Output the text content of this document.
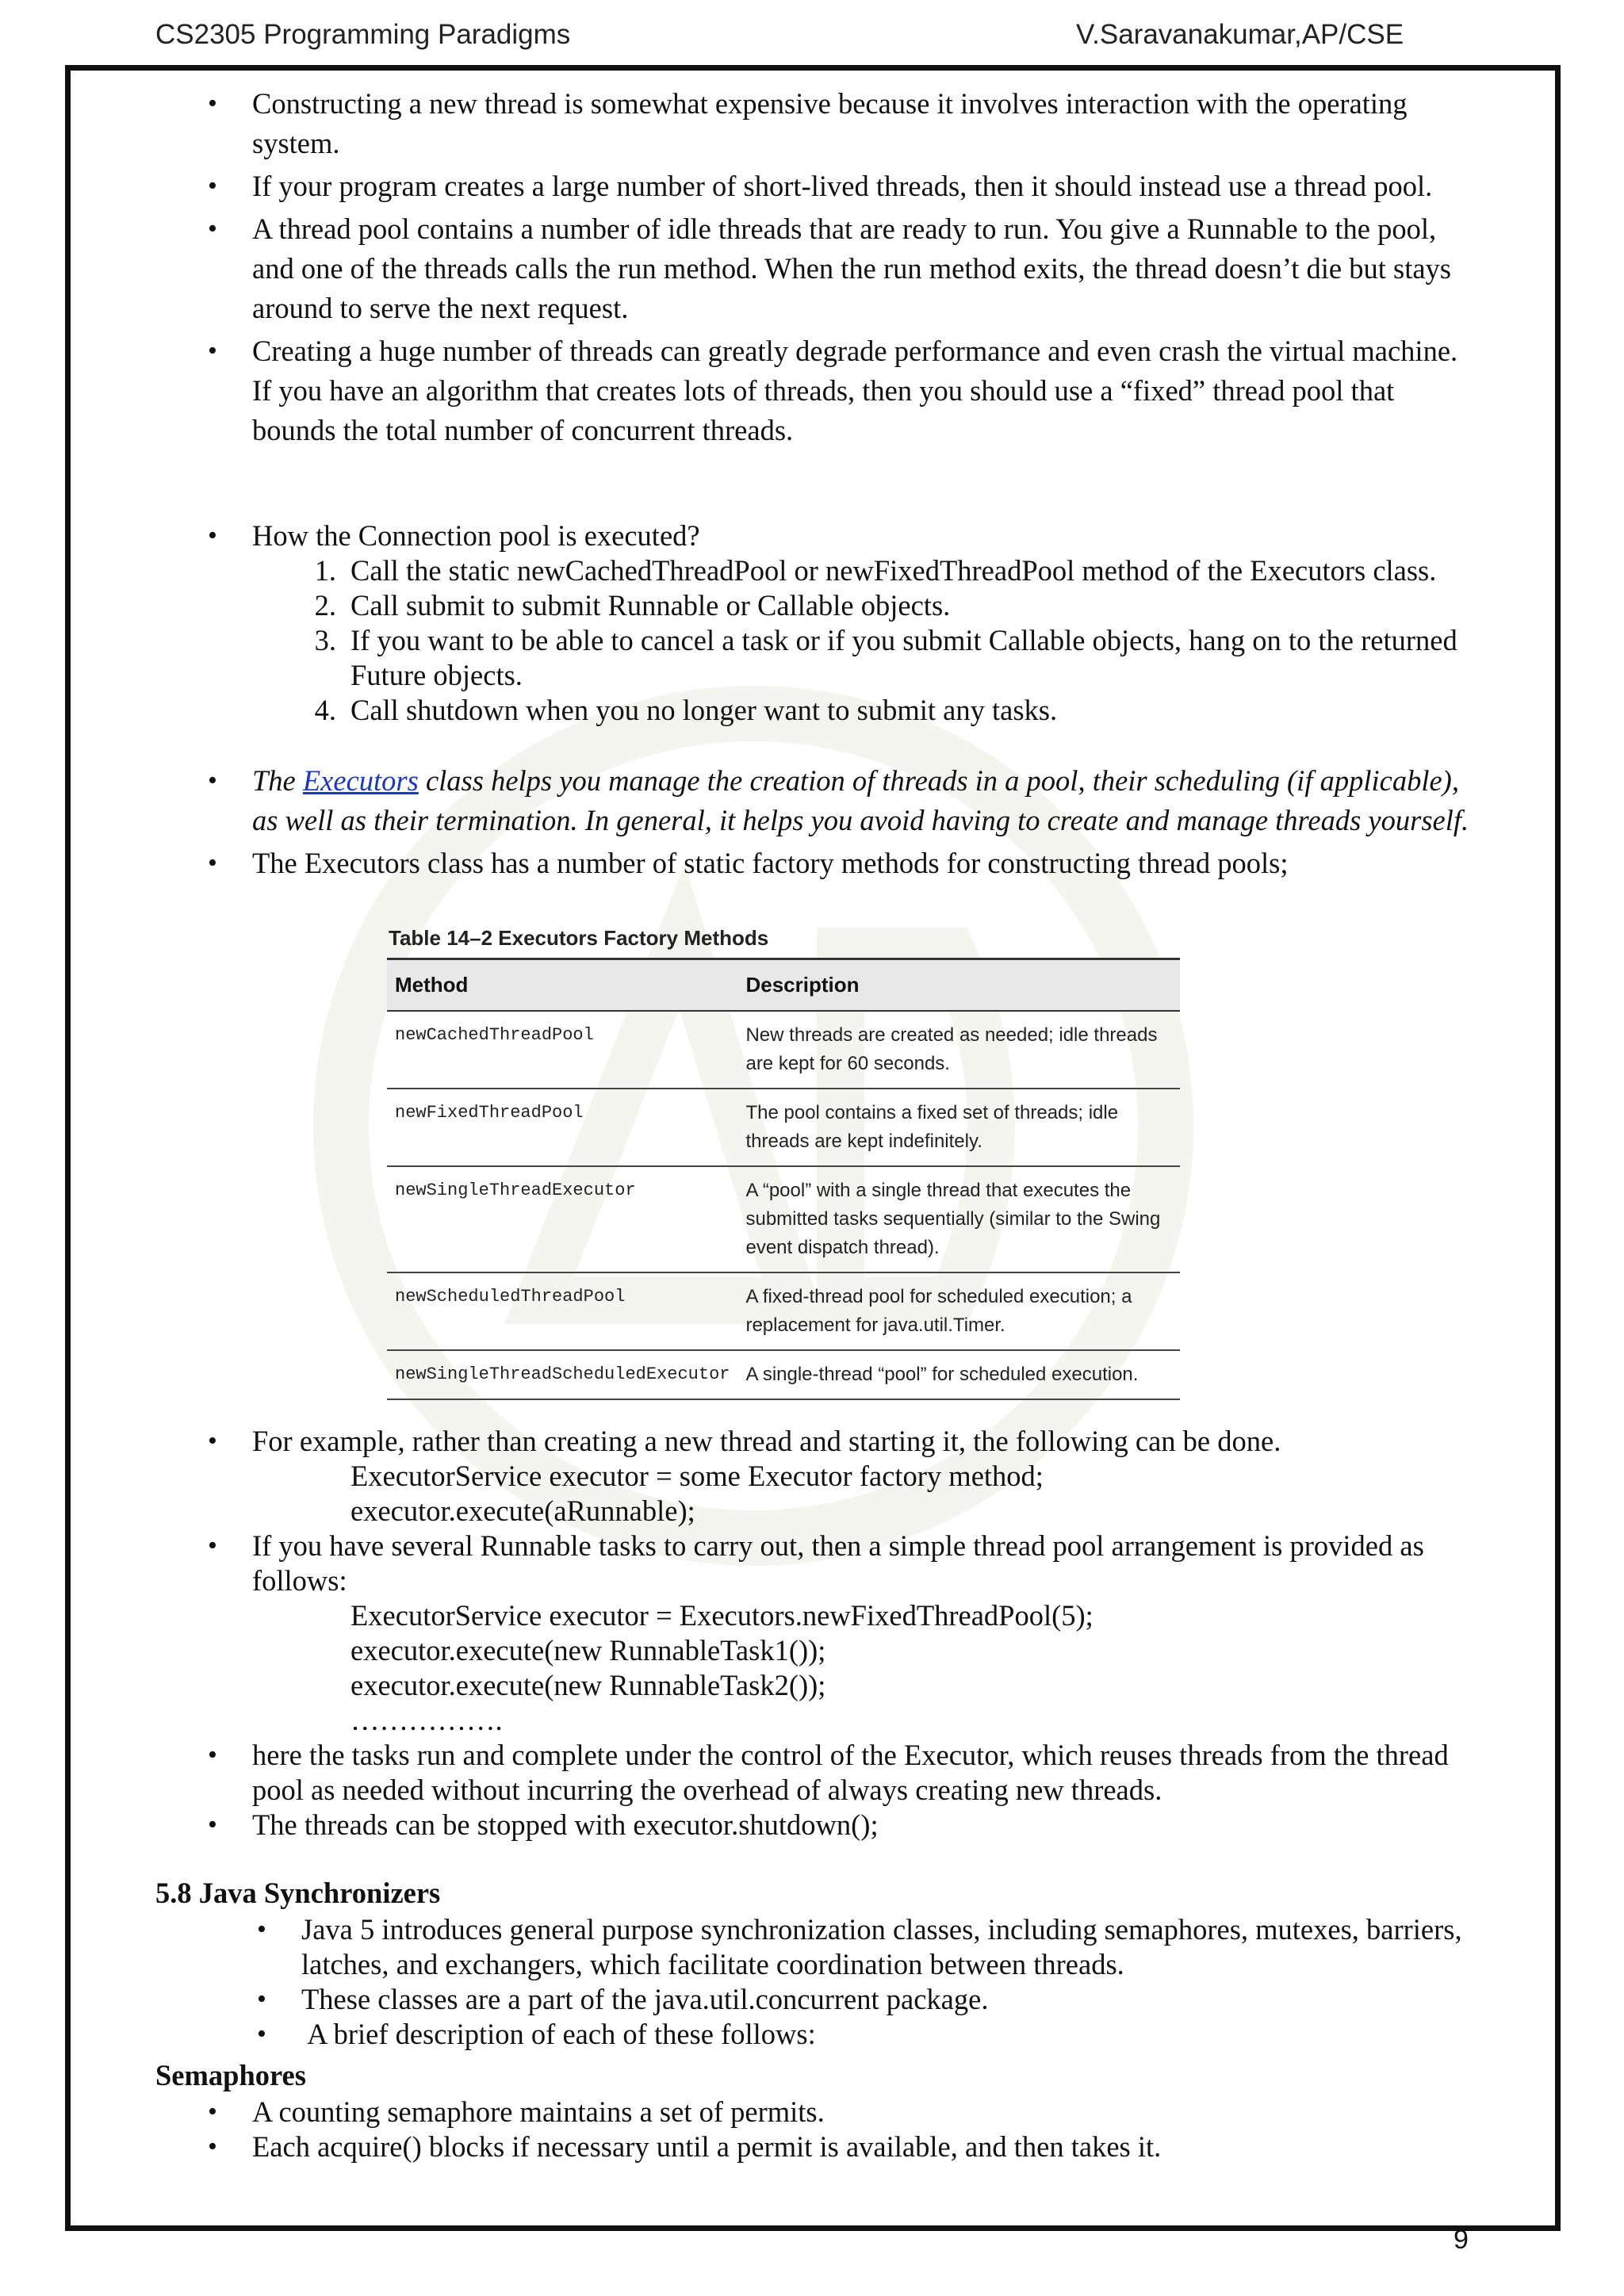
CS2305 Programming Paradigms	V.Saravanakumar,AP/CSE
• Constructing a new thread is somewhat expensive because it involves interaction with the operating system.
• If your program creates a large number of short-lived threads, then it should instead use a thread pool.
• A thread pool contains a number of idle threads that are ready to run. You give a Runnable to the pool, and one of the threads calls the run method. When the run method exits, the thread doesn’t die but stays around to serve the next request.
• Creating a huge number of threads can greatly degrade performance and even crash the virtual machine. If you have an algorithm that creates lots of threads, then you should use a “fixed” thread pool that bounds the total number of concurrent threads.
• How the Connection pool is executed?
1. Call the static newCachedThreadPool or newFixedThreadPool method of the Executors class.
2. Call submit to submit Runnable or Callable objects.
3. If you want to be able to cancel a task or if you submit Callable objects, hang on to the returned Future objects.
4. Call shutdown when you no longer want to submit any tasks.
• The Executors class helps you manage the creation of threads in a pool, their scheduling (if applicable), as well as their termination. In general, it helps you avoid having to create and manage threads yourself.
• The Executors class has a number of static factory methods for constructing thread pools;
Table 14–2 Executors Factory Methods
Method	Description
newCachedThreadPool	New threads are created as needed; idle threads are kept for 60 seconds.
newFixedThreadPool	The pool contains a fixed set of threads; idle threads are kept indefinitely.
newSingleThreadExecutor	A “pool” with a single thread that executes the submitted tasks sequentially (similar to the Swing event dispatch thread).
newScheduledThreadPool	A fixed-thread pool for scheduled execution; a replacement for java.util.Timer.
newSingleThreadScheduledExecutor	A single-thread “pool” for scheduled execution.
• For example, rather than creating a new thread and starting it, the following can be done.
ExecutorService executor = some Executor factory method;
executor.execute(aRunnable);
• If you have several Runnable tasks to carry out, then a simple thread pool arrangement is provided as follows:
ExecutorService executor = Executors.newFixedThreadPool(5);
executor.execute(new RunnableTask1());
executor.execute(new RunnableTask2());
…………….
• here the tasks run and complete under the control of the Executor, which reuses threads from the thread pool as needed without incurring the overhead of always creating new threads.
• The threads can be stopped with executor.shutdown();
5.8 Java Synchronizers
• Java 5 introduces general purpose synchronization classes, including semaphores, mutexes, barriers, latches, and exchangers, which facilitate coordination between threads.
• These classes are a part of the java.util.concurrent package.
• A brief description of each of these follows:
Semaphores
• A counting semaphore maintains a set of permits.
• Each acquire() blocks if necessary until a permit is available, and then takes it.
9
